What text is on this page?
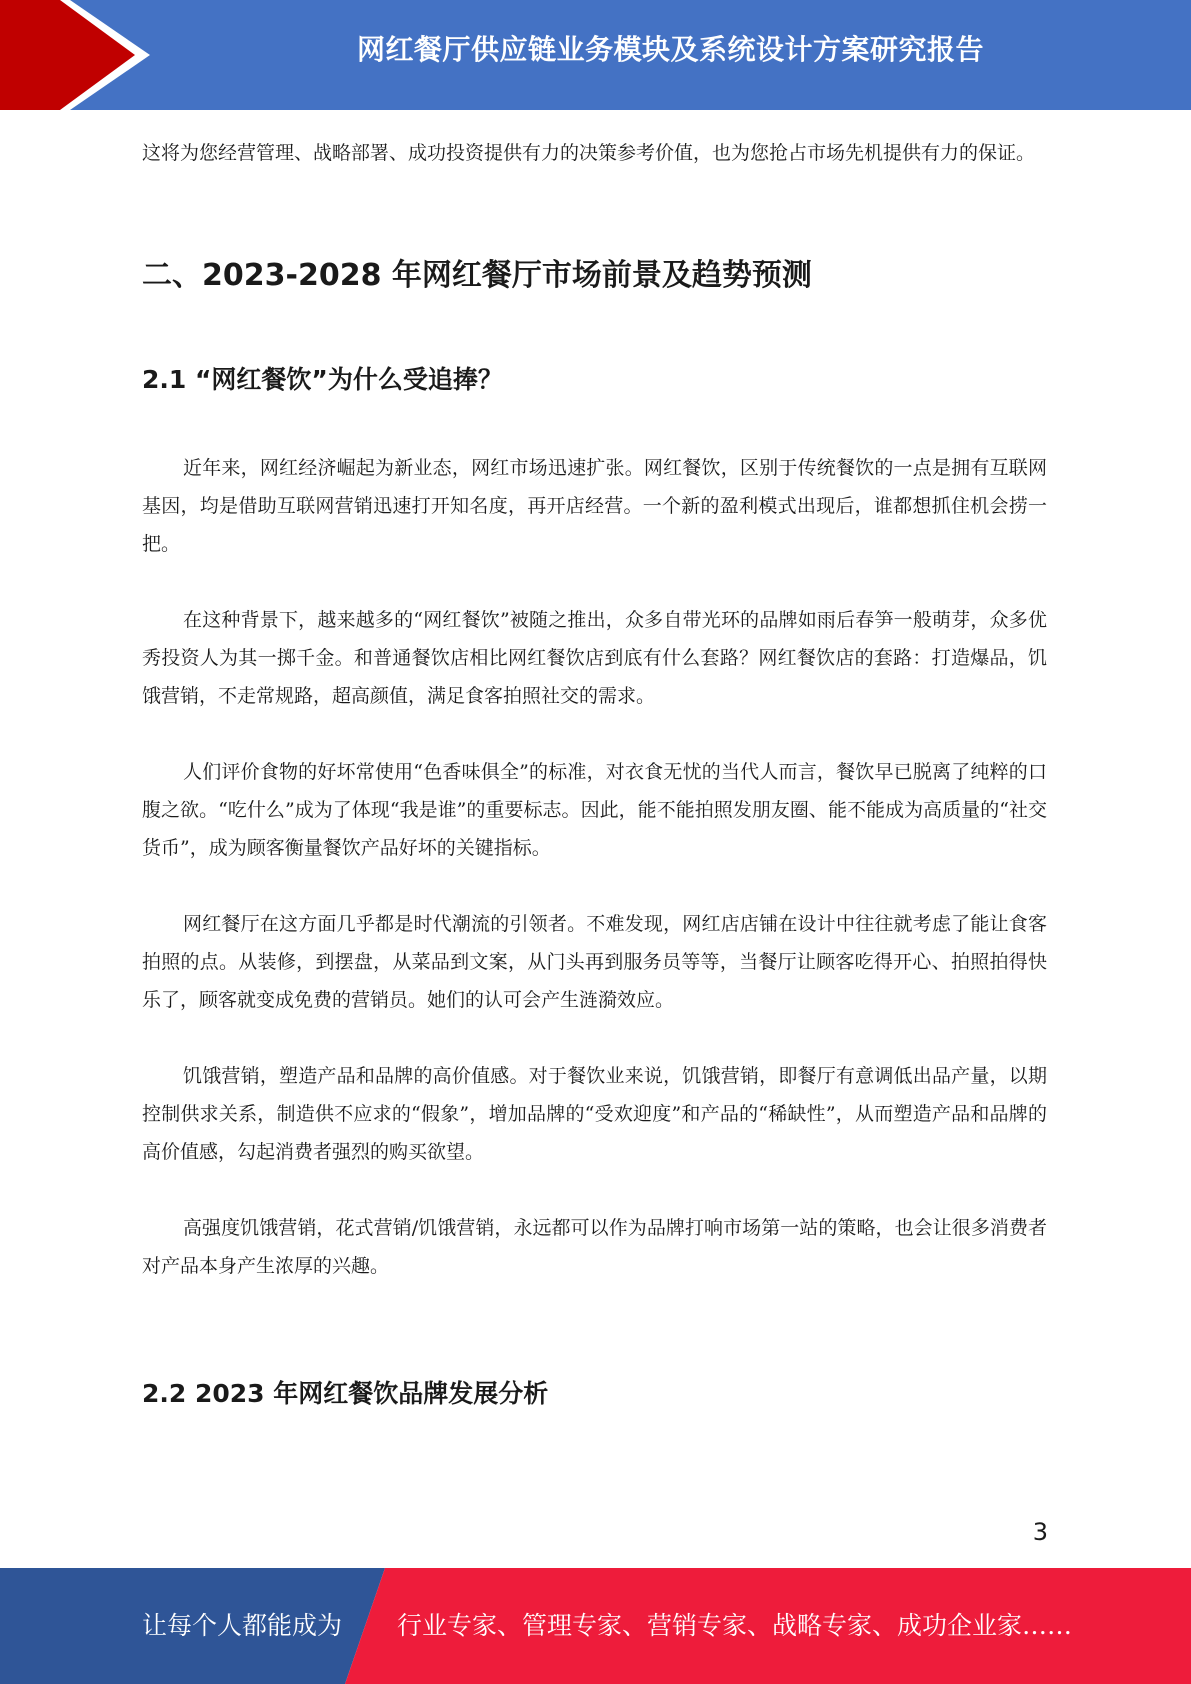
网红餐厅供应链业务模块及系统设计方案研究报告

这将为您经营管理、战略部署、成功投资提供有力的决策参考价值，也为您抢占市场先机提供有力的保证。

二、2023-2028 年网红餐厅市场前景及趋势预测
2.1 “网红餐饮”为什么受追捧？

近年来，网红经济崛起为新业态，网红市场迅速扩张。网红餐饮，区别于传统餐饮的一点是拥有互联网基因，均是借助互联网营销迅速打开知名度，再开店经营。一个新的盈利模式出现后，谁都想抓住机会捞一把。

在这种背景下，越来越多的“网红餐饮”被随之推出，众多自带光环的品牌如雨后春笋一般萌芽，众多优秀投资人为其一掷千金。和普通餐饮店相比网红餐饮店到底有什么套路？网红餐饮店的套路：打造爆品，饥饿营销，不走常规路，超高颜值，满足食客拍照社交的需求。

人们评价食物的好坏常使用“色香味俱全”的标准，对衣食无忧的当代人而言，餐饮早已脱离了纯粹的口腹之欲。“吃什么”成为了体现“我是谁”的重要标志。因此，能不能拍照发朋友圈、能不能成为高质量的“社交货币”，成为顾客衡量餐饮产品好坏的关键指标。

网红餐厅在这方面几乎都是时代潮流的引领者。不难发现，网红店店铺在设计中往往就考虑了能让食客拍照的点。从装修，到摆盘，从菜品到文案，从门头再到服务员等等，当餐厅让顾客吃得开心、拍照拍得快乐了，顾客就变成免费的营销员。她们的认可会产生涟漪效应。

饥饿营销，塑造产品和品牌的高价值感。对于餐饮业来说，饥饿营销，即餐厅有意调低出品产量，以期控制供求关系，制造供不应求的“假象”，增加品牌的“受欢迎度”和产品的“稀缺性”，从而塑造产品和品牌的高价值感，勾起消费者强烈的购买欲望。

高强度饥饿营销，花式营销/饥饿营销，永远都可以作为品牌打响市场第一站的策略，也会让很多消费者对产品本身产生浓厚的兴趣。

2.2 2023 年网红餐饮品牌发展分析
3
让每个人都能成为 行业专家、管理专家、营销专家、战略专家、成功企业家……
